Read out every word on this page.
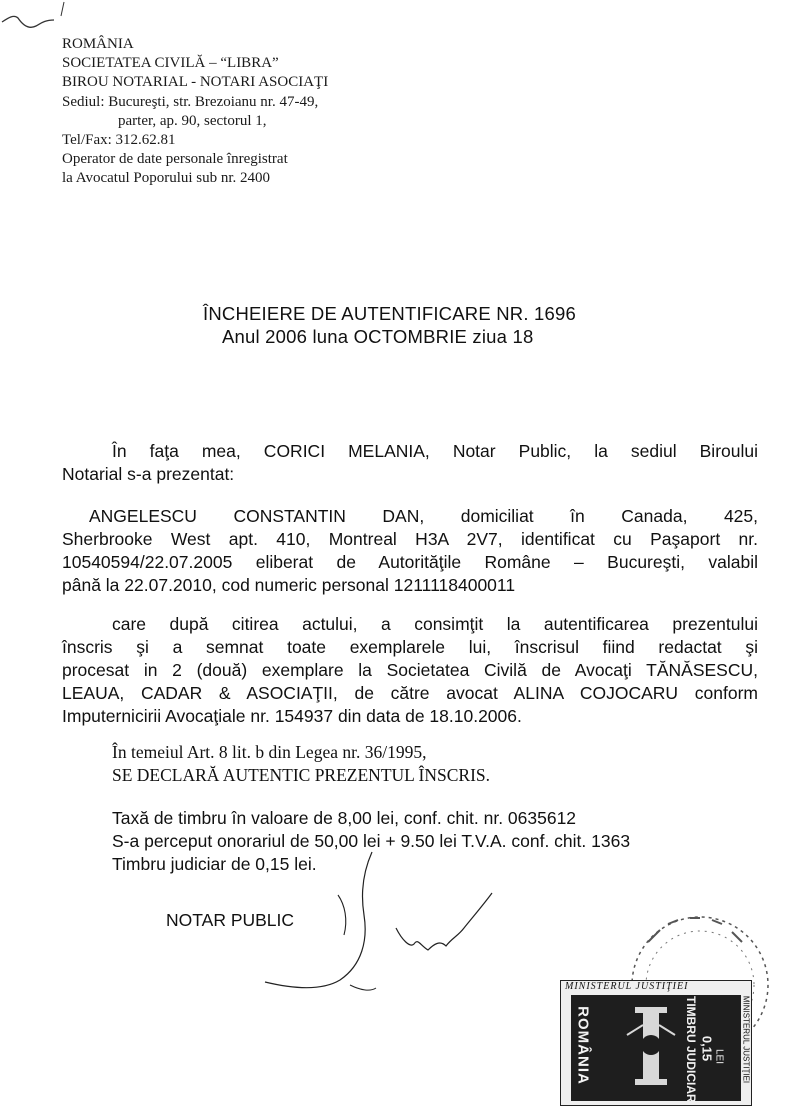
ROMÂNIA
SOCIETATEA CIVILĂ – “LIBRA”
BIROU NOTARIAL - NOTARI ASOCIAŢI
Sediul: Bucureşti, str. Brezoianu nr. 47-49,
parter, ap. 90, sectorul 1,
Tel/Fax: 312.62.81
Operator de date personale înregistrat
la Avocatul Poporului sub nr. 2400
ÎNCHEIERE DE AUTENTIFICARE NR. 1696
Anul 2006 luna OCTOMBRIE ziua 18
În faţa mea, CORICI MELANIA, Notar Public, la sediul Biroului
Notarial s-a prezentat:
ANGELESCU CONSTANTIN DAN, domiciliat în Canada, 425,
Sherbrooke West apt. 410, Montreal H3A 2V7, identificat cu Paşaport nr.
10540594/22.07.2005 eliberat de Autorităţile Române – Bucureşti, valabil
până la 22.07.2010, cod numeric personal 1211118400011
care după citirea actului, a consimţit la autentificarea prezentului
înscris şi a semnat toate exemplarele lui, înscrisul fiind redactat şi
procesat in 2 (două) exemplare la Societatea Civilă de Avocaţi TĂNĂSESCU,
LEAUA, CADAR & ASOCIAŢII, de către avocat ALINA COJOCARU conform
Imputernicirii Avocaţiale nr. 154937 din data de 18.10.2006.
În temeiul Art. 8 lit. b din Legea nr. 36/1995,
SE DECLARĂ AUTENTIC PREZENTUL ÎNSCRIS.
Taxă de timbru în valoare de 8,00 lei, conf. chit. nr. 0635612
S-a perceput onorariul de 50,00 lei + 9.50 lei T.V.A. conf. chit. 1363
Timbru judiciar de 0,15 lei.
NOTAR PUBLIC
MINISTERUL JUSTIŢIEI
ROMÂNIA	TIMBRU JUDICIAR 0,15 LEI MINISTERUL JUSTIŢIEI
